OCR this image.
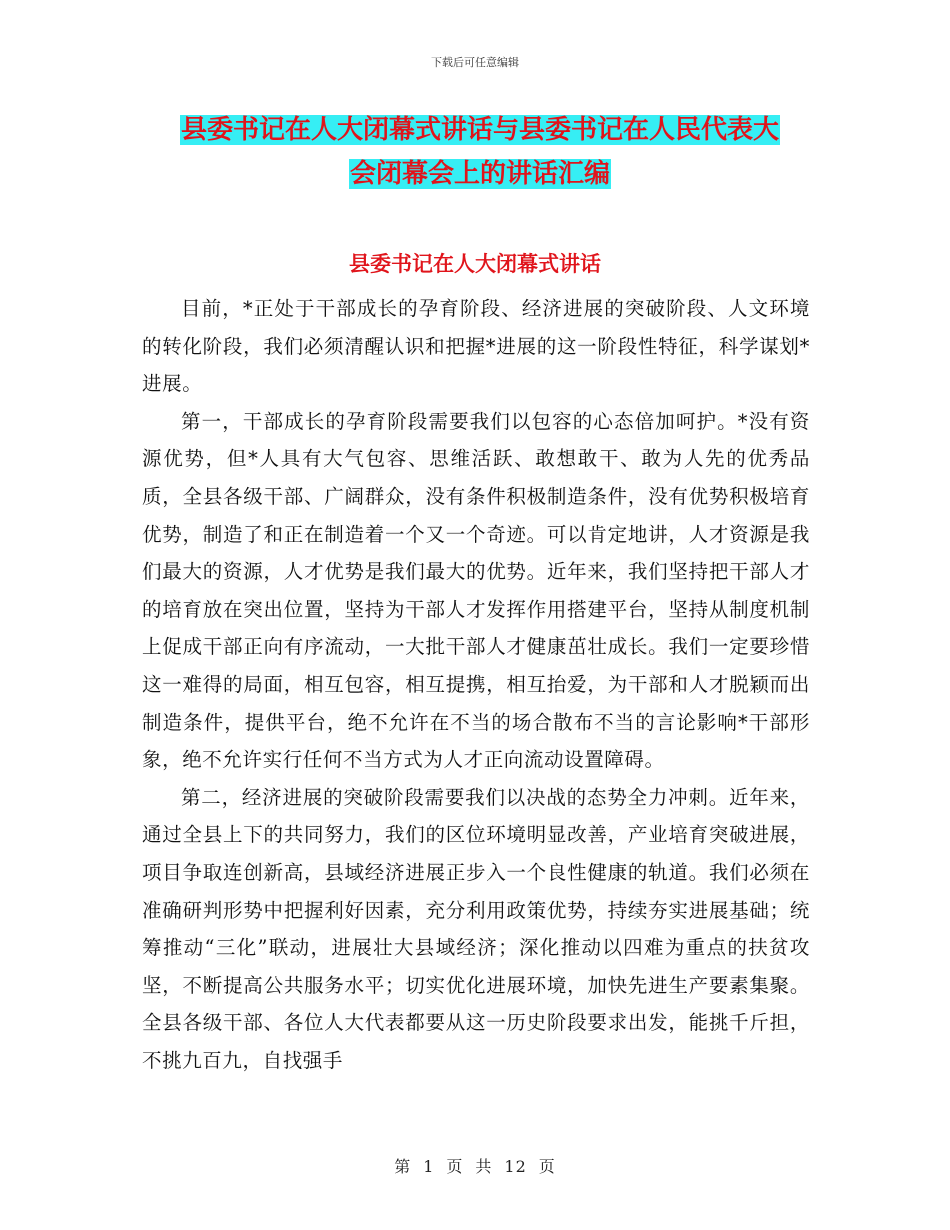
下载后可任意编辑
县委书记在人大闭幕式讲话与县委书记在人民代表大
会闭幕会上的讲话汇编
县委书记在人大闭幕式讲话

目前，*正处于干部成长的孕育阶段、经济进展的突破阶段、人文环境的转化阶段，我们必须清醒认识和把握*进展的这一阶段性特征，科学谋划*进展。

第一，干部成长的孕育阶段需要我们以包容的心态倍加呵护。*没有资源优势，但*人具有大气包容、思维活跃、敢想敢干、敢为人先的优秀品质，全县各级干部、广阔群众，没有条件积极制造条件，没有优势积极培育优势，制造了和正在制造着一个又一个奇迹。可以肯定地讲，人才资源是我们最大的资源，人才优势是我们最大的优势。近年来，我们坚持把干部人才的培育放在突出位置，坚持为干部人才发挥作用搭建平台，坚持从制度机制上促成干部正向有序流动，一大批干部人才健康茁壮成长。我们一定要珍惜这一难得的局面，相互包容，相互提携，相互抬爱，为干部和人才脱颖而出制造条件，提供平台，绝不允许在不当的场合散布不当的言论影响*干部形象，绝不允许实行任何不当方式为人才正向流动设置障碍。

第二，经济进展的突破阶段需要我们以决战的态势全力冲刺。近年来，通过全县上下的共同努力，我们的区位环境明显改善，产业培育突破进展，项目争取连创新高，县域经济进展正步入一个良性健康的轨道。我们必须在准确研判形势中把握利好因素，充分利用政策优势，持续夯实进展基础；统筹推动“三化”联动，进展壮大县域经济；深化推动以四难为重点的扶贫攻坚，不断提高公共服务水平；切实优化进展环境，加快先进生产要素集聚。全县各级干部、各位人大代表都要从这一历史阶段要求出发，能挑千斤担，不挑九百九，自找强手

第 1 页 共 12 页
